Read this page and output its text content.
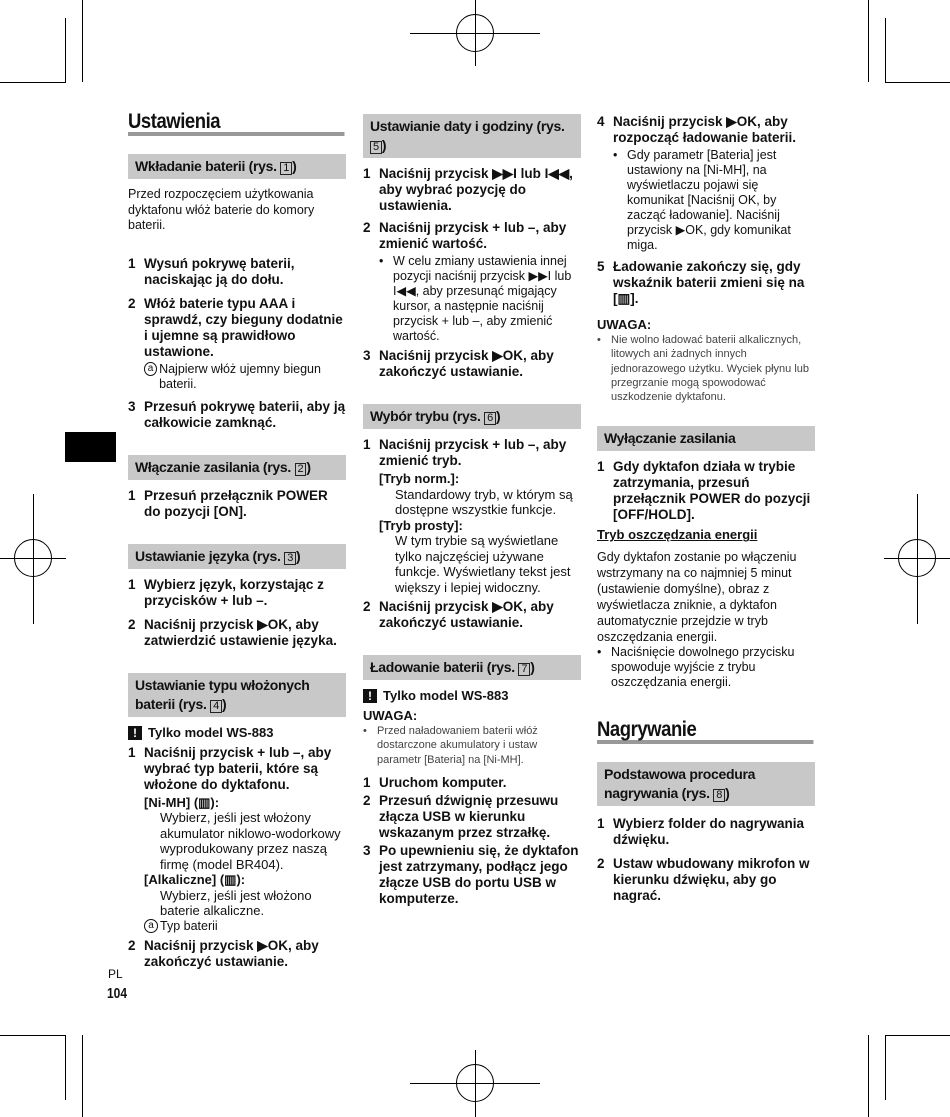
PL
104
Ustawienia
Wkładanie baterii (rys. 1 )

Przed rozpoczęciem użytkowania dyktafonu włóż baterie do komory baterii.

1 Wysuń pokrywę baterii, naciskając ją do dołu.
2 Włóż baterie typu AAA i sprawdź, czy bieguny dodatnie i ujemne są prawidłowo ustawione.
a Najpierw włóż ujemny biegun baterii.
3 Przesuń pokrywę baterii, aby ją całkowicie zamknąć.
Włączanie zasilania (rys. 2 )
1 Przesuń przełącznik POWER do pozycji [ON].
Ustawianie języka (rys. 3 )
1 Wybierz język, korzystając z przycisków + lub –.
2 Naciśnij przycisk ▶OK, aby zatwierdzić ustawienie języka.
Ustawianie typu włożonych baterii (rys. 4 )
! Tylko model WS-883
1 Naciśnij przycisk + lub –, aby wybrać typ baterii, które są włożone do dyktafonu.
[Ni-MH] (▥):
Wybierz, jeśli jest włożony akumulator niklowo-wodorkowy wyprodukowany przez naszą firmę (model BR404).
[Alkaliczne] (▥):
Wybierz, jeśli jest włożono baterie alkaliczne.
a Typ baterii
2 Naciśnij przycisk ▶OK, aby zakończyć ustawianie.
Ustawianie daty i godziny (rys. 5 )
1 Naciśnij przycisk ▶▶I lub I◀◀, aby wybrać pozycję do ustawienia.
2 Naciśnij przycisk + lub –, aby zmienić wartość.
• W celu zmiany ustawienia innej pozycji naciśnij przycisk ▶▶I lub I◀◀, aby przesunąć migający kursor, a następnie naciśnij przycisk + lub –, aby zmienić wartość.
3 Naciśnij przycisk ▶OK, aby zakończyć ustawianie.
Wybór trybu (rys. 6 )
1 Naciśnij przycisk + lub –, aby zmienić tryb.
[Tryb norm.]:
Standardowy tryb, w którym są dostępne wszystkie funkcje.
[Tryb prosty]:
W tym trybie są wyświetlane tylko najczęściej używane funkcje. Wyświetlany tekst jest większy i lepiej widoczny.
2 Naciśnij przycisk ▶OK, aby zakończyć ustawianie.
Ładowanie baterii (rys. 7 )
! Tylko model WS-883

UWAGA:

• Przed naładowaniem baterii włóż dostarczone akumulatory i ustaw parametr [Bateria] na [Ni-MH].
1 Uruchom komputer.
2 Przesuń dźwignię przesuwu złącza USB w kierunku wskazanym przez strzałkę.
3 Po upewnieniu się, że dyktafon jest zatrzymany, podłącz jego złącze USB do portu USB w komputerze.
4 Naciśnij przycisk ▶OK, aby rozpocząć ładowanie baterii.
• Gdy parametr [Bateria] jest ustawiony na [Ni-MH], na wyświetlaczu pojawi się komunikat [Naciśnij OK, by zacząć ładowanie]. Naciśnij przycisk ▶OK, gdy komunikat miga.
5 Ładowanie zakończy się, gdy wskaźnik baterii zmieni się na [▥].

UWAGA:

• Nie wolno ładować baterii alkalicznych, litowych ani żadnych innych jednorazowego użytku. Wyciek płynu lub przegrzanie mogą spowodować uszkodzenie dyktafonu.
Wyłączanie zasilania
1 Gdy dyktafon działa w trybie zatrzymania, przesuń przełącznik POWER do pozycji [OFF/HOLD].
Tryb oszczędzania energii

Gdy dyktafon zostanie po włączeniu wstrzymany na co najmniej 5 minut (ustawienie domyślne), obraz z wyświetlacza zniknie, a dyktafon automatycznie przejdzie w tryb oszczędzania energii.

• Naciśnięcie dowolnego przycisku spowoduje wyjście z trybu oszczędzania energii.
Nagrywanie
Podstawowa procedura nagrywania (rys. 8 )
1 Wybierz folder do nagrywania dźwięku.
2 Ustaw wbudowany mikrofon w kierunku dźwięku, aby go nagrać.
